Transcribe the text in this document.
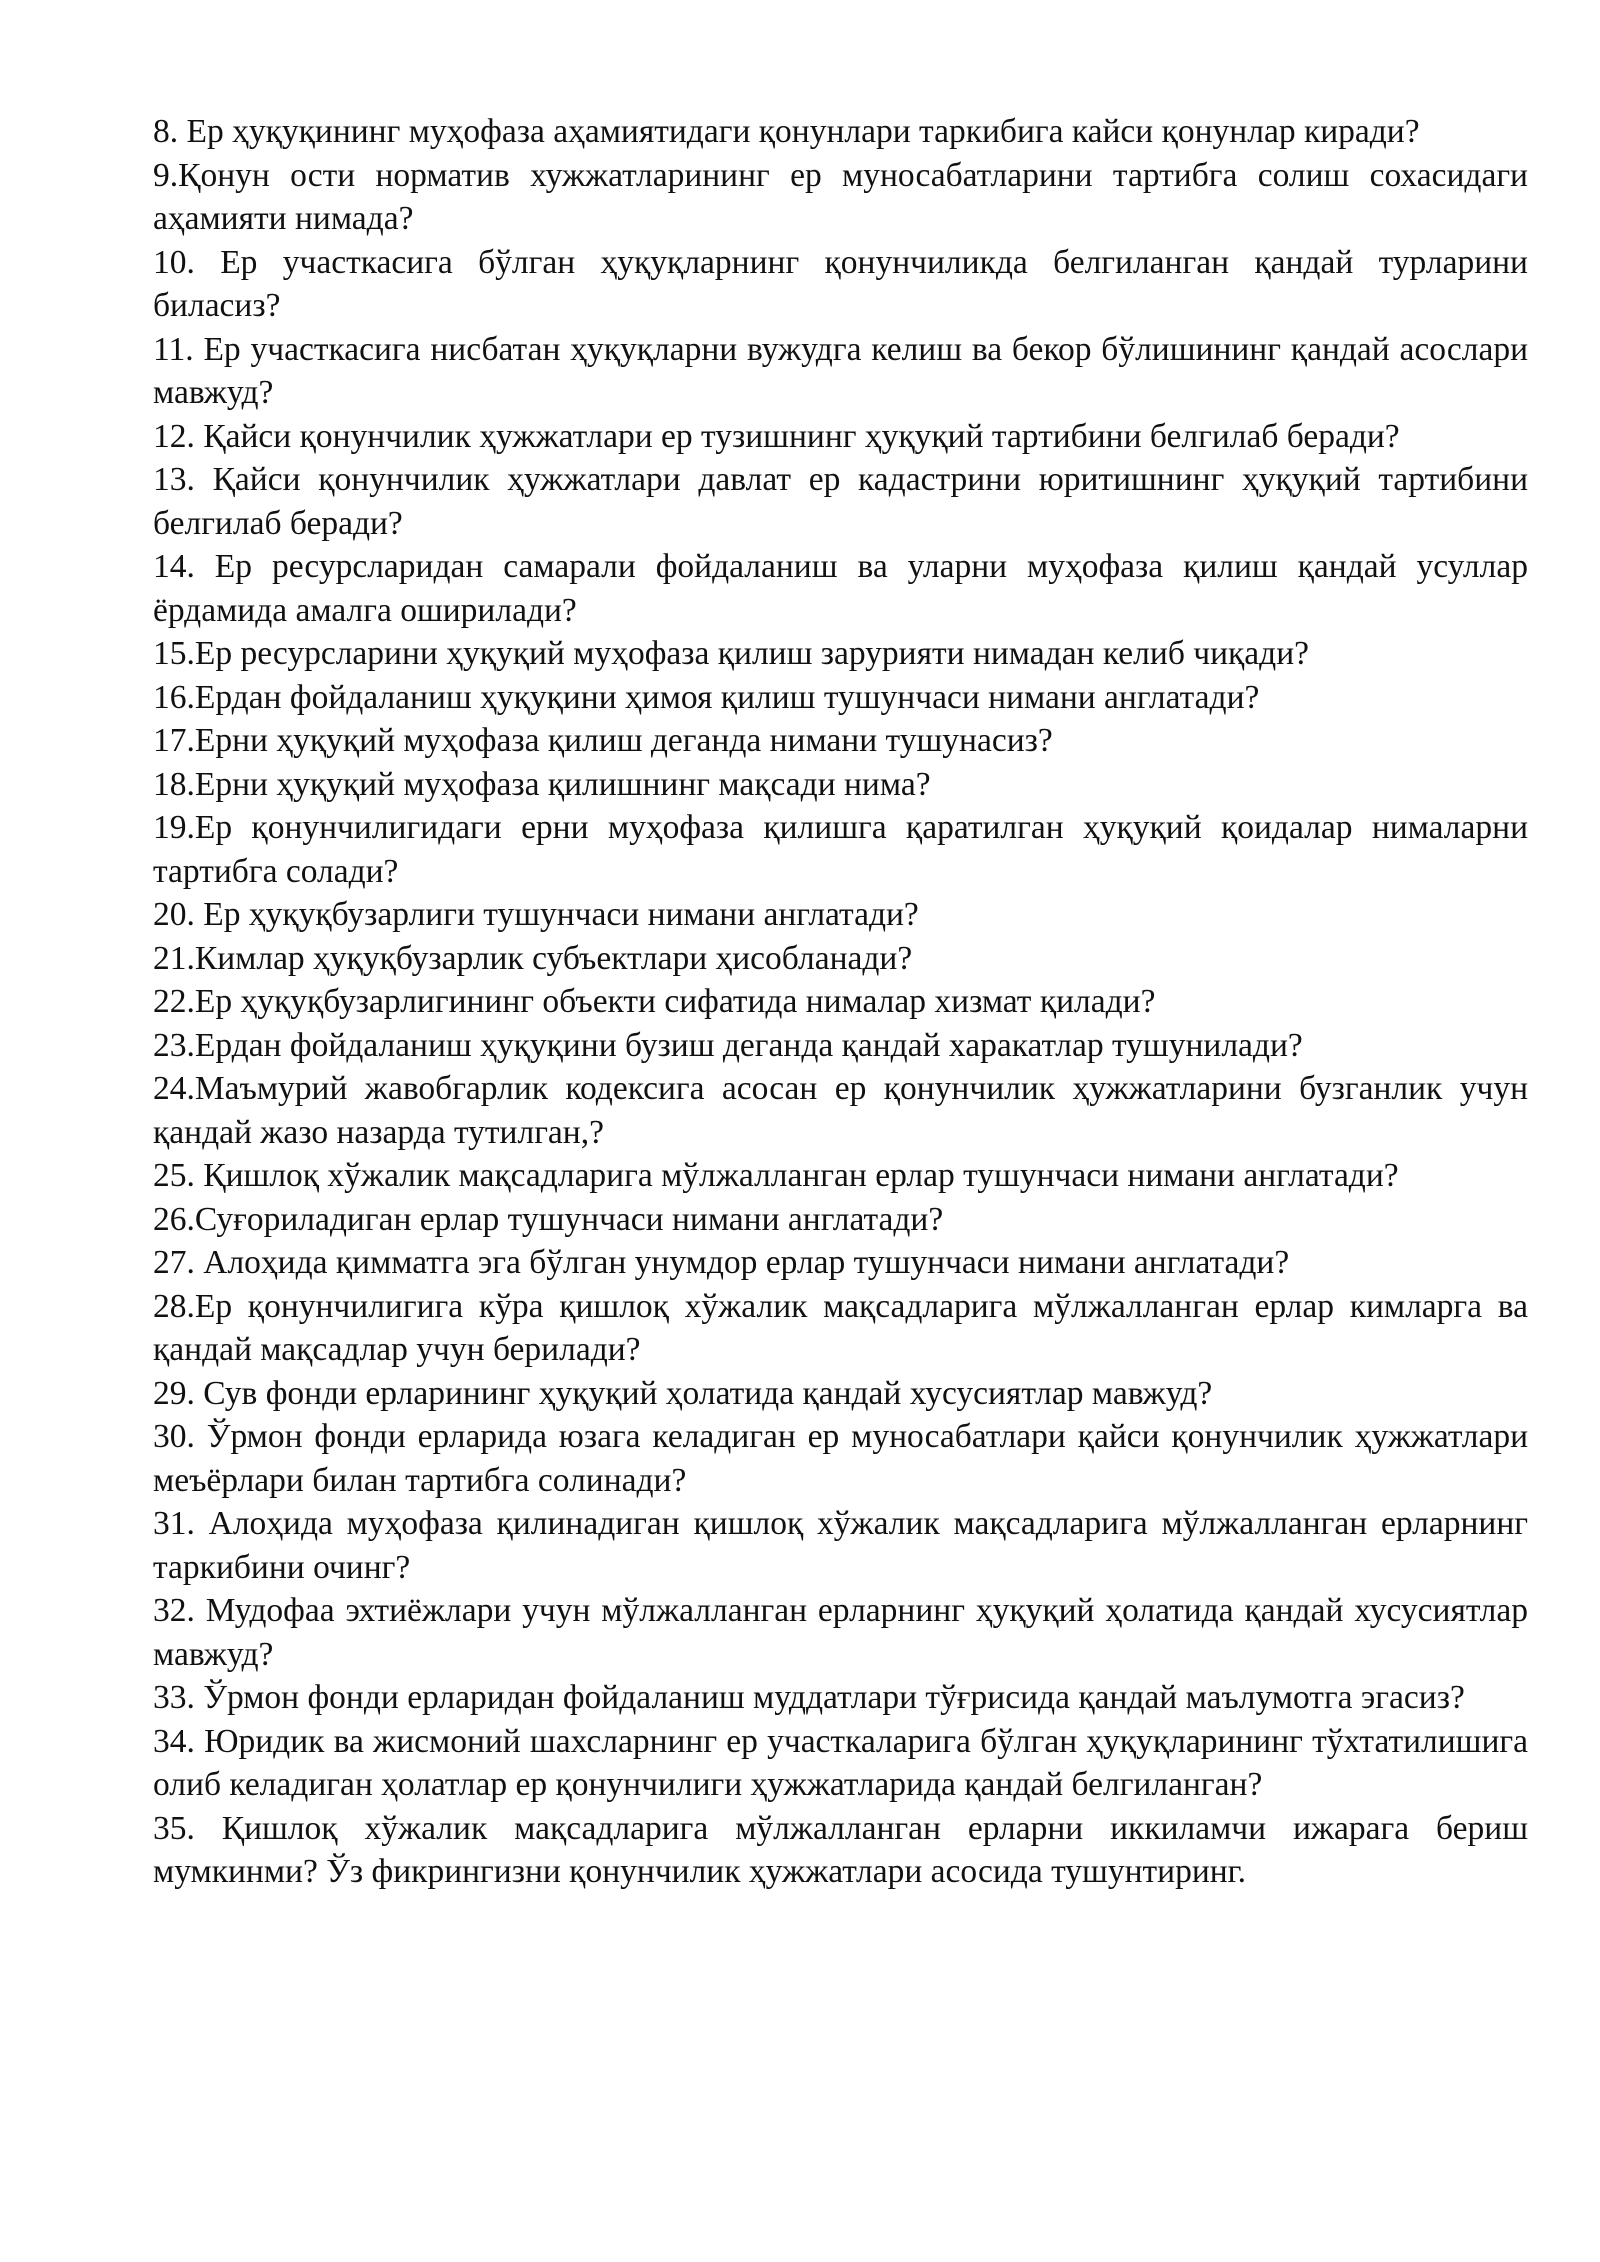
8. Ер ҳуқуқининг муҳофаза аҳамиятидаги қонунлари таркибига кайси қонунлар киради?
9.Қонун ости норматив хужжатларининг ер муносабатларини тартибга солиш сохасидаги аҳамияти нимада?
10. Ер участкасига бўлган ҳуқуқларнинг қонунчиликда белгиланган қандай турларини биласиз?
11. Ер участкасига нисбатан ҳуқуқларни вужудга келиш ва бекор бўлишининг қандай асослари мавжуд?
12. Қайси қонунчилик ҳужжатлари ер тузишнинг ҳуқуқий тартибини белгилаб беради?
13. Қайси қонунчилик ҳужжатлари давлат ер кадастрини юритишнинг ҳуқуқий тартибини белгилаб беради?
14. Ер ресурсларидан самарали фойдаланиш ва уларни муҳофаза қилиш қандай усуллар ёрдамида амалга оширилади?
15.Ер ресурсларини ҳуқуқий муҳофаза қилиш зарурияти нимадан келиб чиқади?
16.Ердан фойдаланиш ҳуқуқини ҳимоя қилиш тушунчаси нимани англатади?
17.Ерни ҳуқуқий муҳофаза қилиш деганда нимани тушунасиз?
18.Ерни ҳуқуқий муҳофаза қилишнинг мақсади нима?
19.Ер қонунчилигидаги ерни муҳофаза қилишга қаратилган ҳуқуқий қоидалар нималарни тартибга солади?
20. Ер ҳуқуқбузарлиги тушунчаси нимани англатади?
21.Кимлар ҳуқуқбузарлик субъектлари ҳисобланади?
22.Ер ҳуқуқбузарлигининг объекти сифатида нималар хизмат қилади?
23.Ердан фойдаланиш ҳуқуқини бузиш деганда қандай харакатлар тушунилади?
24.Маъмурий жавобгарлик кодексига асосан ер қонунчилик ҳужжатларини бузганлик учун қандай жазо назарда тутилган,?
25. Қишлоқ хўжалик мақсадларига мўлжалланган ерлар тушунчаси нимани англатади?
26.Суғориладиган ерлар тушунчаси нимани англатади?
27. Алоҳида қимматга эга бўлган унумдор ерлар тушунчаси нимани англатади?
28.Ер қонунчилигига кўра қишлоқ хўжалик мақсадларига мўлжалланган ерлар кимларга ва қандай мақсадлар учун берилади?
29. Сув фонди ерларининг ҳуқуқий ҳолатида қандай хусусиятлар мавжуд?
30. Ўрмон фонди ерларида юзага келадиган ер муносабатлари қайси қонунчилик ҳужжатлари меъёрлари билан тартибга солинади?
31. Алоҳида муҳофаза қилинадиган қишлоқ хўжалик мақсадларига мўлжалланган ерларнинг таркибини очинг?
32. Мудофаа эхтиёжлари учун мўлжалланган ерларнинг ҳуқуқий ҳолатида қандай хусусиятлар мавжуд?
33. Ўрмон фонди ерларидан фойдаланиш муддатлари тўғрисида қандай маълумотга эгасиз?
34. Юридик ва жисмоний шахсларнинг ер участкаларига бўлган ҳуқуқларининг тўхтатилишига олиб келадиган ҳолатлар ер қонунчилиги ҳужжатларида қандай белгиланган?
35. Қишлоқ хўжалик мақсадларига мўлжалланган ерларни иккиламчи ижарага бериш мумкинми? Ўз фикрингизни қонунчилик ҳужжатлари асосида тушунтиринг.
